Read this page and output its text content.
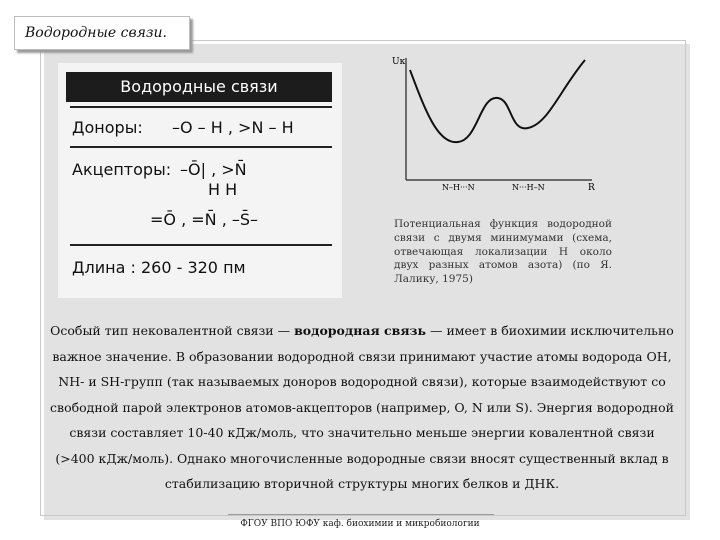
Водородные связи.
Водородные связи
Доноры: –O – H , >N – H
Акцепторы: –Ō| , >N̄
H H
=Ō , =N̄ , –S̄–
Длина : 260 - 320 пм
Uк
R
N–H···N	N···H–N
Потенциальная функция водородной связи с двумя минимумами (схема, отвечающая локализации Н около двух разных атомов азота) (по Я. Лалику, 1975)
Особый тип нековалентной связи — водородная связь — имеет в биохимии исключительно важное значение. В образовании водородной связи принимают участие атомы водорода OH, NH- и SH-групп (так называемых доноров водородной связи), которые взаимодействуют со свободной парой электронов атомов-акцепторов (например, O, N или S). Энергия водородной связи составляет 10-40 кДж/моль, что значительно меньше энергии ковалентной связи (>400 кДж/моль). Однако многочисленные водородные связи вносят существенный вклад в стабилизацию вторичной структуры многих белков и ДНК.
ФГОУ ВПО ЮФУ каф. биохимии и микробиологии
